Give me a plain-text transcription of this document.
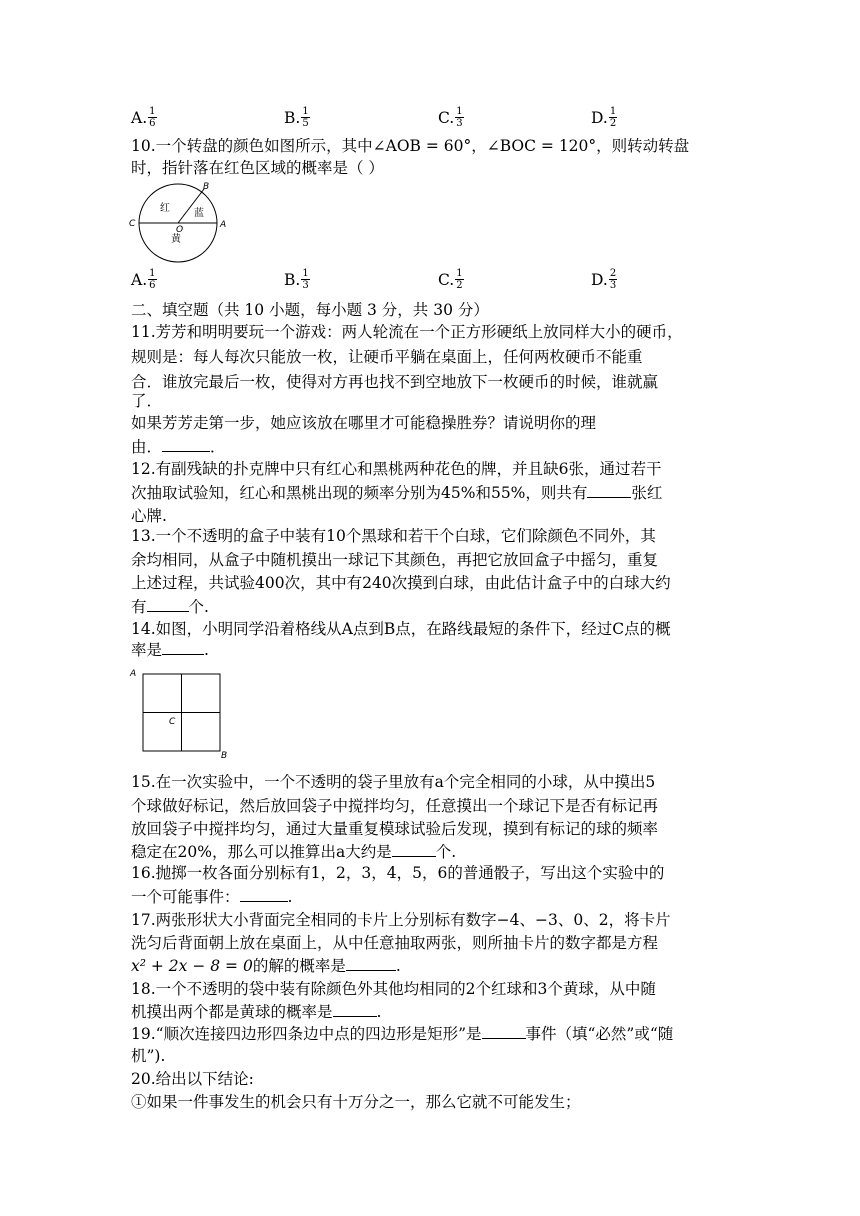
A. $\frac{1}{6}$	B. $\frac{1}{5}$	C. $\frac{1}{3}$	D. $\frac{1}{2}$
10.一个转盘的颜色如图所示，其中∠AOB = 60°，∠BOC = 120°，则转动转盘
时，指针落在红色区域的概率是（ ）
红 蓝
黄
B
C	A
O
A. $\frac{1}{6}$	B. $\frac{1}{3}$	C. $\frac{1}{2}$	D. $\frac{2}{3}$
二、填空题（共 10 小题，每小题 3 分，共 30 分）
11.芳芳和明明要玩一个游戏：两人轮流在一个正方形硬纸上放同样大小的硬币，
规则是：每人每次只能放一枚，让硬币平躺在桌面上，任何两枚硬币不能重
合．谁放完最后一枚，使得对方再也找不到空地放下一枚硬币的时候，谁就赢
了．
如果芳芳走第一步，她应该放在哪里才可能稳操胜券？请说明你的理
由．	．
12.有副残缺的扑克牌中只有红心和黑桃两种花色的牌，并且缺6张，通过若干
次抽取试验知，红心和黑桃出现的频率分别为45%和55%，则共有	张红
心牌.
13.一个不透明的盒子中装有10个黑球和若干个白球，它们除颜色不同外，其
余均相同，从盒子中随机摸出一球记下其颜色，再把它放回盒子中摇匀，重复
上述过程，共试验400次，其中有240次摸到白球，由此估计盒子中的白球大约
有	个.
14.如图，小明同学沿着格线从A点到B点，在路线最短的条件下，经过C点的概
率是	.
A
B
C
15.在一次实验中，一个不透明的袋子里放有a个完全相同的小球，从中摸出5
个球做好标记，然后放回袋子中搅拌均匀，任意摸出一个球记下是否有标记再
放回袋子中搅拌均匀，通过大量重复模球试验后发现，摸到有标记的球的频率
稳定在20%，那么可以推算出a大约是	个.
16.抛掷一枚各面分别标有1，2，3，4，5，6的普通骰子，写出这个实验中的
一个可能事件：	.
17.两张形状大小背面完全相同的卡片上分别标有数字−4、−3、0、2，将卡片
洗匀后背面朝上放在桌面上，从中任意抽取两张，则所抽卡片的数字都是方程
x² + 2x − 8 = 0的解的概率是	.
18.一个不透明的袋中装有除颜色外其他均相同的2个红球和3个黄球，从中随
机摸出两个都是黄球的概率是	.
19.“顺次连接四边形四条边中点的四边形是矩形”是	事件（填“必然”或“随
机”).
20.给出以下结论:
①如果一件事发生的机会只有十万分之一，那么它就不可能发生；
